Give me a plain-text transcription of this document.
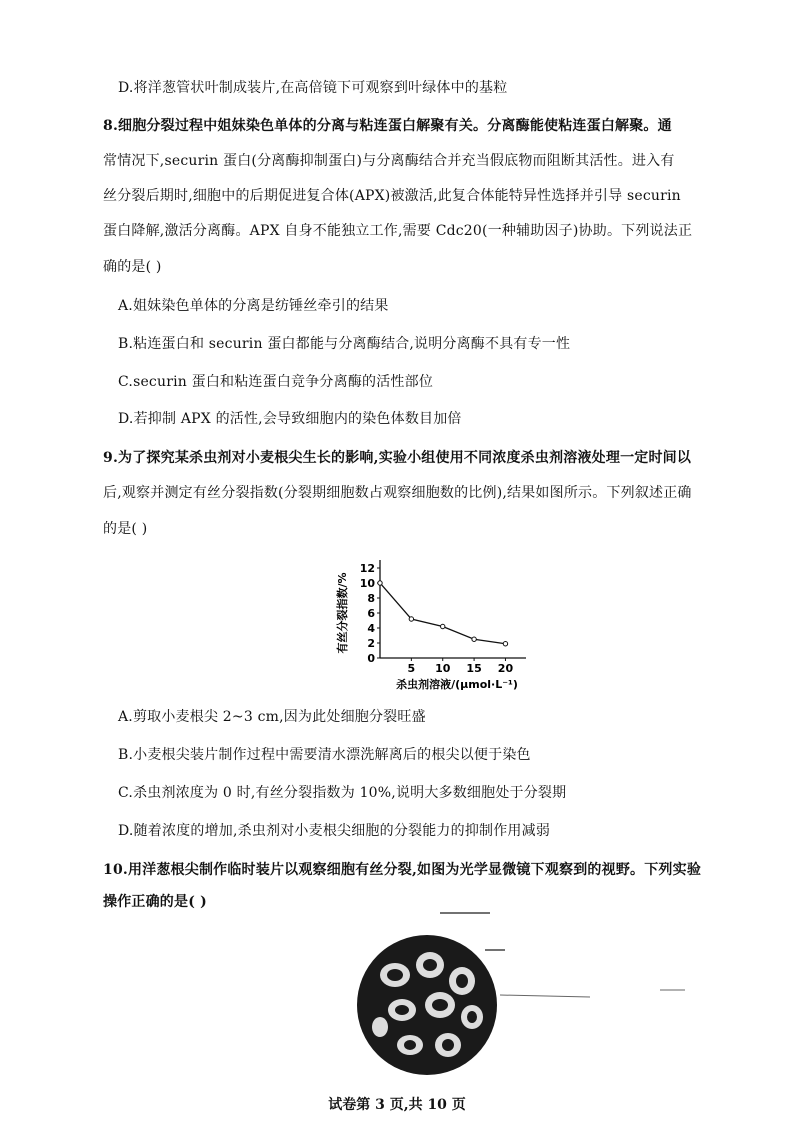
D.将洋葱管状叶制成装片,在高倍镜下可观察到叶绿体中的基粒
8.细胞分裂过程中姐妹染色单体的分离与粘连蛋白解聚有关。分离酶能使粘连蛋白解聚。通
常情况下,securin 蛋白(分离酶抑制蛋白)与分离酶结合并充当假底物而阻断其活性。进入有
丝分裂后期时,细胞中的后期促进复合体(APX)被激活,此复合体能特异性选择并引导 securin
蛋白降解,激活分离酶。APX 自身不能独立工作,需要 Cdc20(一种辅助因子)协助。下列说法正
确的是( )
A.姐妹染色单体的分离是纺锤丝牵引的结果
B.粘连蛋白和 securin 蛋白都能与分离酶结合,说明分离酶不具有专一性
C.securin 蛋白和粘连蛋白竞争分离酶的活性部位
D.若抑制 APX 的活性,会导致细胞内的染色体数目加倍
9.为了探究某杀虫剂对小麦根尖生长的影响,实验小组使用不同浓度杀虫剂溶液处理一定时间以
后,观察并测定有丝分裂指数(分裂期细胞数占观察细胞数的比例),结果如图所示。下列叙述正确
的是( )
0
2
4
6
8
10
12
5 10 15 20
杀虫剂溶液/(μmol·L⁻¹)
有丝分裂指数/%
A.剪取小麦根尖 2~3 cm,因为此处细胞分裂旺盛
B.小麦根尖装片制作过程中需要清水漂洗解离后的根尖以便于染色
C.杀虫剂浓度为 0 时,有丝分裂指数为 10%,说明大多数细胞处于分裂期
D.随着浓度的增加,杀虫剂对小麦根尖细胞的分裂能力的抑制作用减弱
10.用洋葱根尖制作临时装片以观察细胞有丝分裂,如图为光学显微镜下观察到的视野。下列实验
操作正确的是( )
试卷第 3 页,共 10 页
